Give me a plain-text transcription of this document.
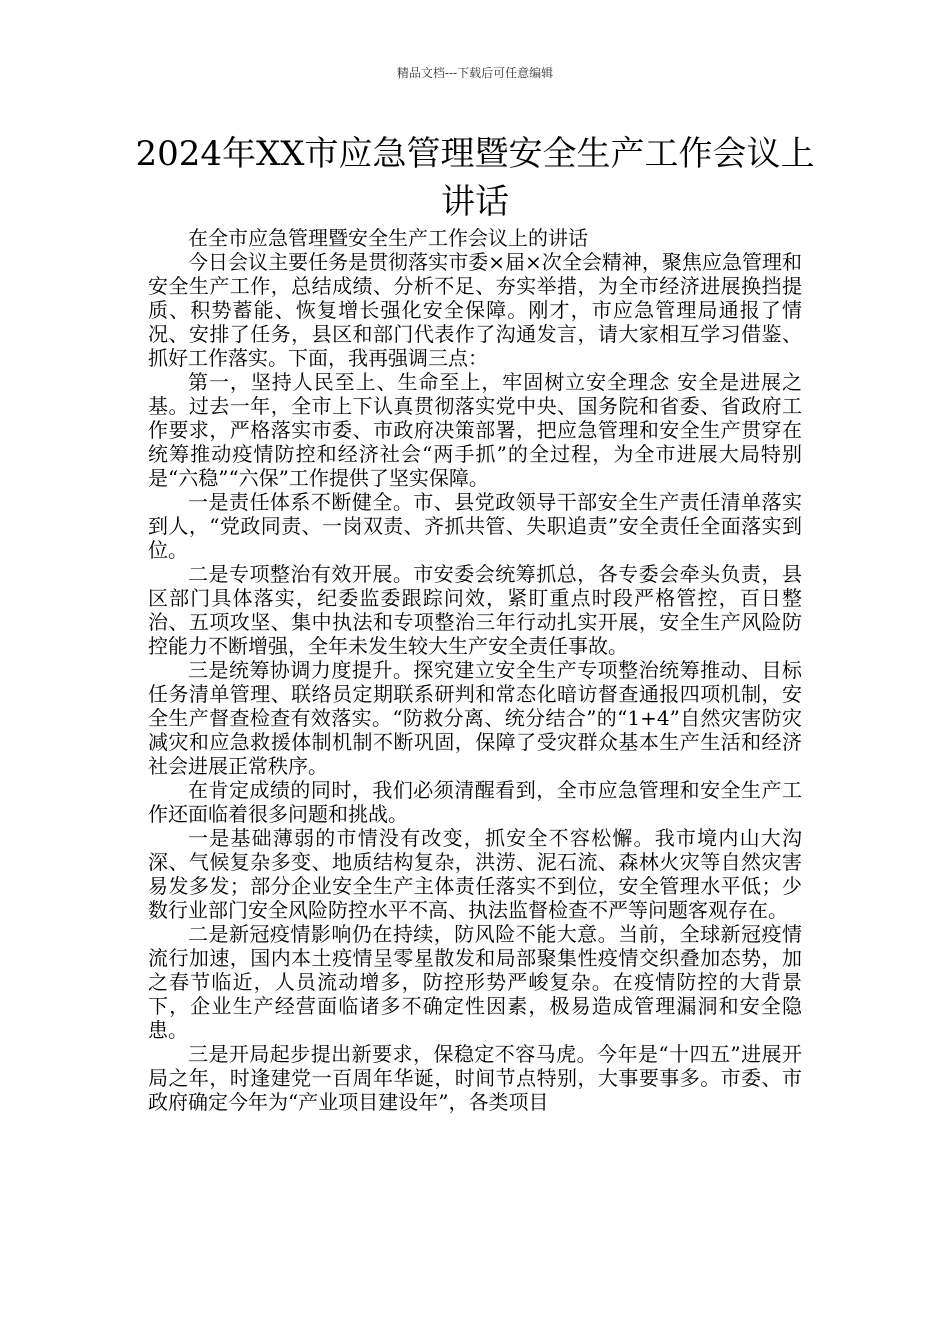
精品文档---下载后可任意编辑
2024年XX市应急管理暨安全生产工作会议上讲话

在全市应急管理暨安全生产工作会议上的讲话

今日会议主要任务是贯彻落实市委×届×次全会精神，聚焦应急管理和安全生产工作，总结成绩、分析不足、夯实举措，为全市经济进展换挡提质、积势蓄能、恢复增长强化安全保障。刚才，市应急管理局通报了情况、安排了任务，县区和部门代表作了沟通发言，请大家相互学习借鉴、抓好工作落实。下面，我再强调三点：

第一，坚持人民至上、生命至上，牢固树立安全理念 安全是进展之基。过去一年，全市上下认真贯彻落实党中央、国务院和省委、省政府工作要求，严格落实市委、市政府决策部署，把应急管理和安全生产贯穿在统筹推动疫情防控和经济社会“两手抓”的全过程，为全市进展大局特别是“六稳”“六保”工作提供了坚实保障。

一是责任体系不断健全。市、县党政领导干部安全生产责任清单落实到人，“党政同责、一岗双责、齐抓共管、失职追责”安全责任全面落实到位。

二是专项整治有效开展。市安委会统筹抓总，各专委会牵头负责，县区部门具体落实，纪委监委跟踪问效，紧盯重点时段严格管控，百日整治、五项攻坚、集中执法和专项整治三年行动扎实开展，安全生产风险防控能力不断增强，全年未发生较大生产安全责任事故。

三是统筹协调力度提升。探究建立安全生产专项整治统筹推动、目标任务清单管理、联络员定期联系研判和常态化暗访督查通报四项机制，安全生产督查检查有效落实。“防救分离、统分结合”的“1+4”自然灾害防灾减灾和应急救援体制机制不断巩固，保障了受灾群众基本生产生活和经济社会进展正常秩序。

在肯定成绩的同时，我们必须清醒看到，全市应急管理和安全生产工作还面临着很多问题和挑战。

一是基础薄弱的市情没有改变，抓安全不容松懈。我市境内山大沟深、气候复杂多变、地质结构复杂，洪涝、泥石流、森林火灾等自然灾害易发多发；部分企业安全生产主体责任落实不到位，安全管理水平低；少数行业部门安全风险防控水平不高、执法监督检查不严等问题客观存在。

二是新冠疫情影响仍在持续，防风险不能大意。当前，全球新冠疫情流行加速，国内本土疫情呈零星散发和局部聚集性疫情交织叠加态势，加之春节临近，人员流动增多，防控形势严峻复杂。在疫情防控的大背景下，企业生产经营面临诸多不确定性因素，极易造成管理漏洞和安全隐患。

三是开局起步提出新要求，保稳定不容马虎。今年是“十四五”进展开局之年，时逢建党一百周年华诞，时间节点特别，大事要事多。市委、市政府确定今年为“产业项目建设年”，各类项目
